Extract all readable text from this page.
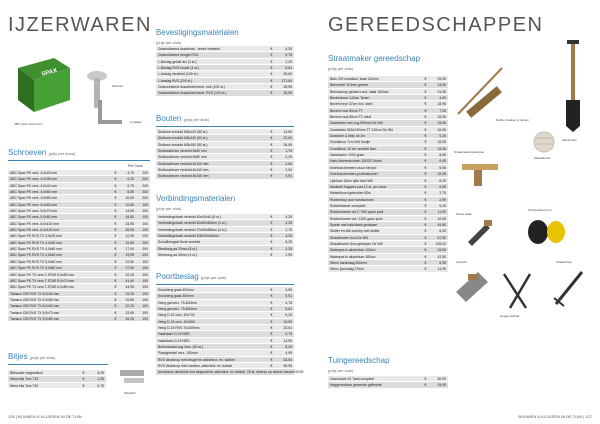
IJZERWAREN
SPAX
ABC Spax schroeven
Slotbout
L-haakje
Schroeven (prijs per doos)
Per Doos
ABC Spax PK vers. 3,5x25 mm	€	4,79	200
ABC Spax PK vers. 4,0x35 mm	€	6,29	200
ABC Spax PK vers. 4,0x40 mm	€	6,79	200
ABC Spax PK vers. 4,0x50 mm	€	8,59	200
ABC Spax PK vers. 4,5x50 mm	€	10,69	200
ABC Spax PK vers. 5,0x60 mm	€	10,50	100
ABC Spax PK vers. 5,0x70 mm	€	14,55	100
ABC Spax PK vers. 5,0x80 mm	€	16,50	100
ABC Spax PK vers. 6,0x100 mm	€	23,95	100
ABC Spax PK vers. 6,0x120 mm	€	26,95	100
ABC Spax PK RVS TX 3,5x25 mm	€	12,95	200
ABC Spax PK RVS TX 4,0x35 mm	€	15,89	200
ABC Spax PK RVS TX 4,0x40 mm	€	17,94	200
ABC Spax PK RVS TX 4,5x45 mm	€	19,95	200
ABC Spax PK RVS TX 5,0x60 mm	€	22,50	100
ABC Spax PK RVS TX 5,0x80 mm	€	27,50	100
ABC Spax PK TX vers.T-STAR 5,0x50 mm	€	32,25	100
ABC Spax PK TX vers.T-STAR 5,0x70 mm	€	41,60	100
ABC Spax PK TX vers.T-STAR 6,0x80 mm	€	44,95	100
Tamaco CIB RVS TX 5,0x40 mm	€	19,25	100
Tamaco CIB RVS TX 5,0x50 mm	€	19,85	100
Tamaco CIB RVS TX 5,0x60 mm	€	20,25	100
Tamaco CIB RVS TX 5,0x70 mm	€	22,95	100
Tamaco CIB RVS TX 5,0x80 mm	€	26,25	100
Bitjes (prijs per stuk)
Bithouder magnetisch	€	5,29
Wera bits Torx T15	€	1,95
Wera bits Torx T20	€	0,79
Plaatsbit
126 | BOUWEN & KLUSSEN IN DE TUIN
Bevestigingsmaterialen
(prijs per stuk)
Geanodiseerd draadmat - breed versterkt	€	4,25
Geanodiseerd beugel RVS	€	5,75
L-Beslag gelakt alu (4 st.)	€	2,25
L-Beslag RVS koude (4 st.)	€	5,61
L-beslag versterkt (100 st.)	€	69,60
L-beslag RVS (200 st.)	€	171,60
Geanodiseerd draadmat breed. hek (100 st.)	€	28,95
Geanodiseerd draadmat breed. RVS (100 st.)	€	26,95
Bouten (prijs per stuk)
Slotbout verzinkt M8x100 (50 st.)	€	14,60
Slotbout verzinkt M8x140 (50 st.)	€	22,60
Slotbout verzinkt M8x160 (50 st.)	€	26,95
Slotbout/moer verzinkt 8x60 mm	€	1,70
Slotbout/moer verzinkt 8x80 mm	€	2,25
Slotbout/moer verzinkt 8x120 mm	€	2,60
Slotbout/moer verzinkt 8x140 mm	€	2,94
Slotbout/moer verzinkt 8x160 mm	€	3,94
Verbindingsmaterialen
(prijs per stuk)
Verbindingshoek verzinkt 40x40x40 (8 st.)	€	4,25
Verbindingshoek verzinkt 60x60x60mm (4 st.)	€	4,25
Verbindingshoek verzinkt 70x50x55mm (4 st.)	€	2,75
Verbindingshoek verzinkt 105x90x40mm	€	3,25
Schuifhengsel thuis verzinkt	€	8,25
Steekoog aa 20mm (8 st.)	€	2,25
Steekoog aa 40mm (4 st.)	€	1,95
Poortbeslag (prijs per stuk)
Kruisheng gaas 400mm	€	4,95
Kruisheng gaas 500mm	€	5,91
Heng gal.verz. 75-600mm	€	4,78
Heng gal.verz. 75-800mm	€	5,61
Heng D-15 verz. 40x700	€	6,25
Heng D-15 verz. 40x900	€	15,50
Heng D-15 RVS 75-600mm	€	20,04
Haakduim D-15 NRS	€	5,75
Haakduim D-15 NRS	€	14,95
Bonendraad-oog verz. (50 st.)	€	8,25
Plaatgrendel verz. 150mm	€	4,95
RVS deurknop met beugel en afdichtrol. en. dubbel	€	53,50
RVS deurknop met rozetten, afdichtrol. en dubbel	€	59,95
Aluminium deurklink met langsschild, afdichtrol. en dubbel, 15 st. diverse op steeds heuse € 49,95
GEREEDSCHAPPEN
Straatmaker gereedschap
(prijs per stuk)
Bats 200 woodlast, staal 110mm	€	29,95
Betonheel 110mm gewee	€	13,95
Betonschop gehard rond, staal 160mm	€	21,95
Beukenhout 140cm Teuerl	€	4,69
Bezem bryn 37cm incl. steel	€	18,95
Bezem rood 80cm TT	€	7,95
Bezem rood 80cm TT, steel	€	15,95
Dwarsbein met oog 900mm De Wit	€	16,95
Dwarsbein 900x130mm TT 120cm De Wit	€	16,95
Dubarker & kelly uit 1m	€	9,25
Grondboor 7cm 5x5 houtje	€	16,95
Grondboor 10 cm verzinkt 8cm	€	19,95
Handzweer 1000 gram	€	8,95
Hark-/bezemschoen 150/20 Teuerl	€	6,49
Knieboschermers stuur het puf	€	6,95
Knieboschermers professioneel	€	32,95
Lijmkam 18cm rijfte deel Wit	€	6,29
Markkittl Kappers pad 12 st. per doos	€	6,95
Metselkoord gebroken 50m	€	2,75
Rubberdop voor handschoen	€	2,99
Rubberhamer compleet	€	6,49
Rubberhamer wit 2 / 900 gram punt	€	11,99
Rubberhamer wit / 1200 gram punt	€	10,95
Spade met hals blank geslepen	€	49,50
Stoffer en blik country met stoffer	€	6,49
Straatbezem 6cm De Wit	€	67,50
Straatbezem 8cm geslepen De Wit	€	109,00
Waterpas in aluminium 100cm	€	26,95
Waterpas in aluminium 180cm	€	42,50
Weon handzaag 500mm	€	6,95
Weon Ijzerzaag 27mm	€	11,99
Rubber hekken & bezem
Zandschep
Straatmakerswaterpas
Metselkoord
Kleine haak
Kniebeschermers
Lijmkam	Straatschep
Heggenschaar
Tuingereedschap
(prijs per stuk)
Gazonhark 20 Tand compleet	€	30,99
Heggenschaar gewende golfmede	€	34,95
BOUWEN & KLUSSEN IN DE TUIN | 127
